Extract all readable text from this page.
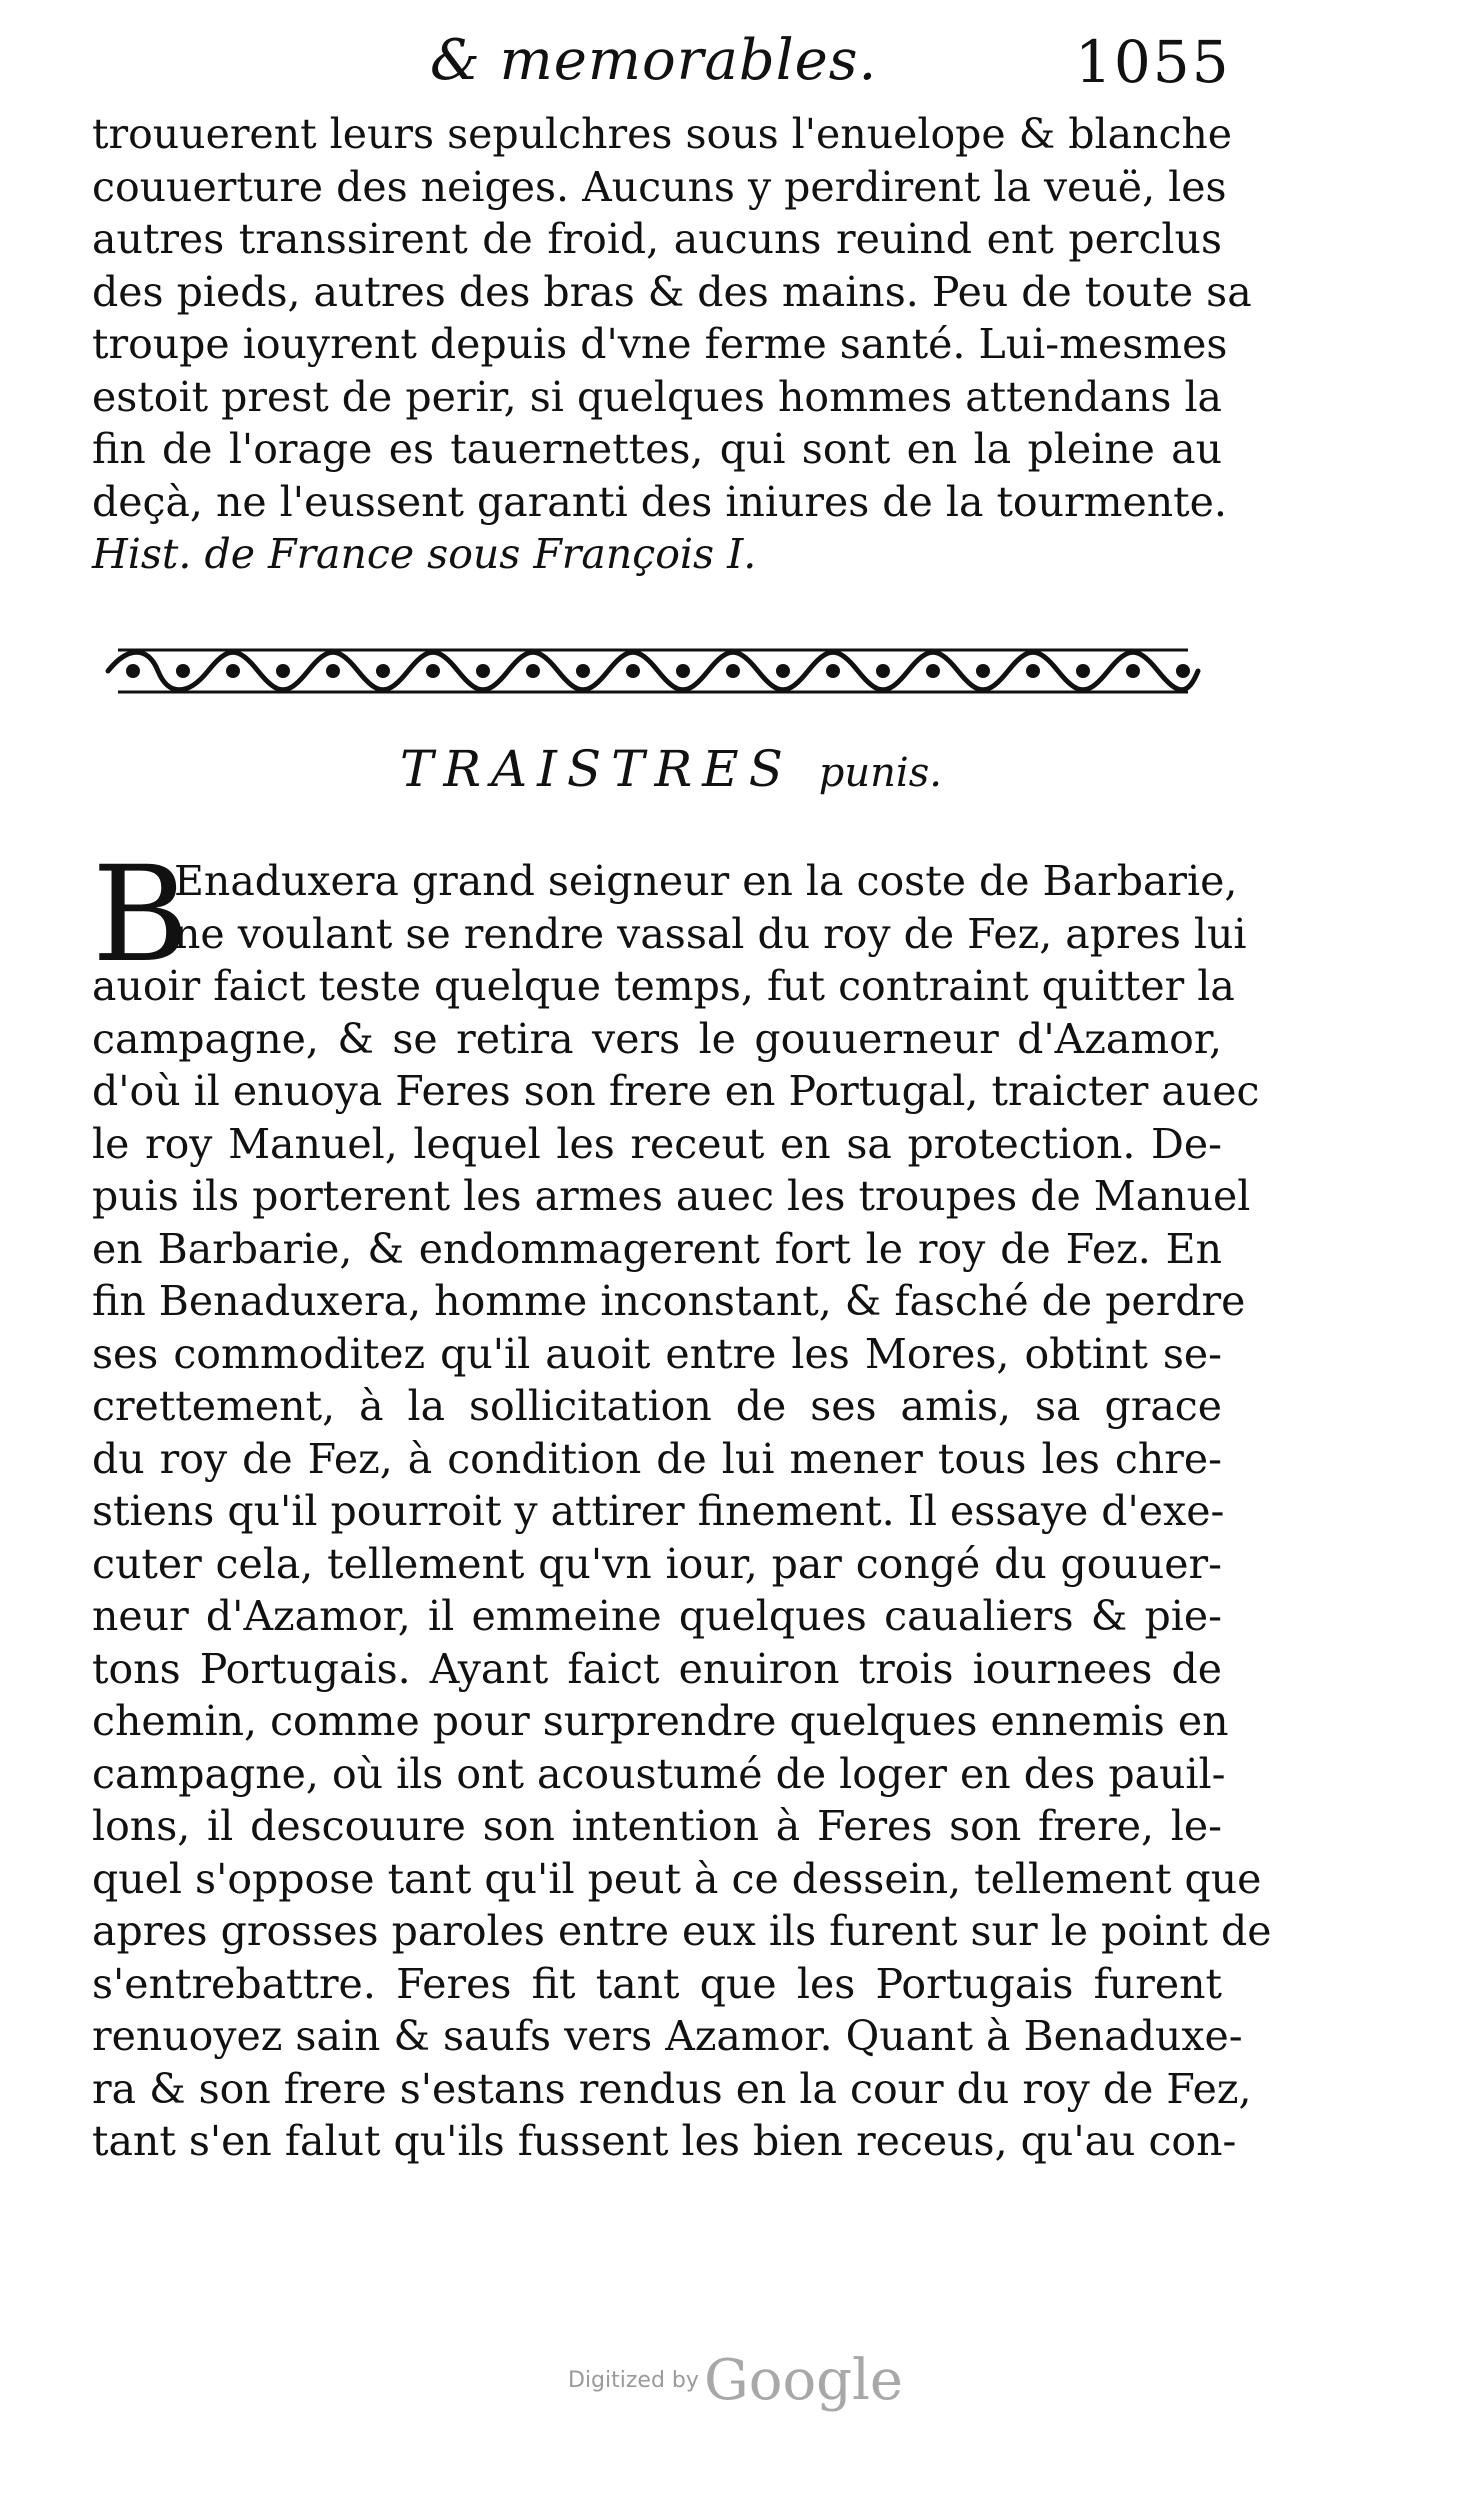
& memorables.	1055
trouuerent leurs sepulchres sous l'enuelope & blanche
couuerture des neiges. Aucuns y perdirent la veuë, les
autres transsirent de froid, aucuns reuind ent perclus
des pieds, autres des bras & des mains. Peu de toute sa
troupe iouyrent depuis d'vne ferme santé. Lui-mesmes
estoit prest de perir, si quelques hommes attendans la
fin de l'orage es tauernettes, qui sont en la pleine au
deçà, ne l'eussent garanti des iniures de la tourmente.
Hist. de France sous François I.
TRAISTRES punis.
B
Enaduxera grand seigneur en la coste de Barbarie,
ne voulant se rendre vassal du roy de Fez, apres lui
auoir faict teste quelque temps, fut contraint quitter la
campagne, & se retira vers le gouuerneur d'Azamor,
d'où il enuoya Feres son frere en Portugal, traicter auec
le roy Manuel, lequel les receut en sa protection. De-
puis ils porterent les armes auec les troupes de Manuel
en Barbarie, & endommagerent fort le roy de Fez. En
fin Benaduxera, homme inconstant, & fasché de perdre
ses commoditez qu'il auoit entre les Mores, obtint se-
crettement, à la sollicitation de ses amis, sa grace
du roy de Fez, à condition de lui mener tous les chre-
stiens qu'il pourroit y attirer finement. Il essaye d'exe-
cuter cela, tellement qu'vn iour, par congé du gouuer-
neur d'Azamor, il emmeine quelques caualiers & pie-
tons Portugais. Ayant faict enuiron trois iournees de
chemin, comme pour surprendre quelques ennemis en
campagne, où ils ont acoustumé de loger en des pauil-
lons, il descouure son intention à Feres son frere, le-
quel s'oppose tant qu'il peut à ce dessein, tellement que
apres grosses paroles entre eux ils furent sur le point de
s'entrebattre. Feres fit tant que les Portugais furent
renuoyez sain & saufs vers Azamor. Quant à Benaduxe-
ra & son frere s'estans rendus en la cour du roy de Fez,
tant s'en falut qu'ils fussent les bien receus, qu'au con-
Digitized by Google
